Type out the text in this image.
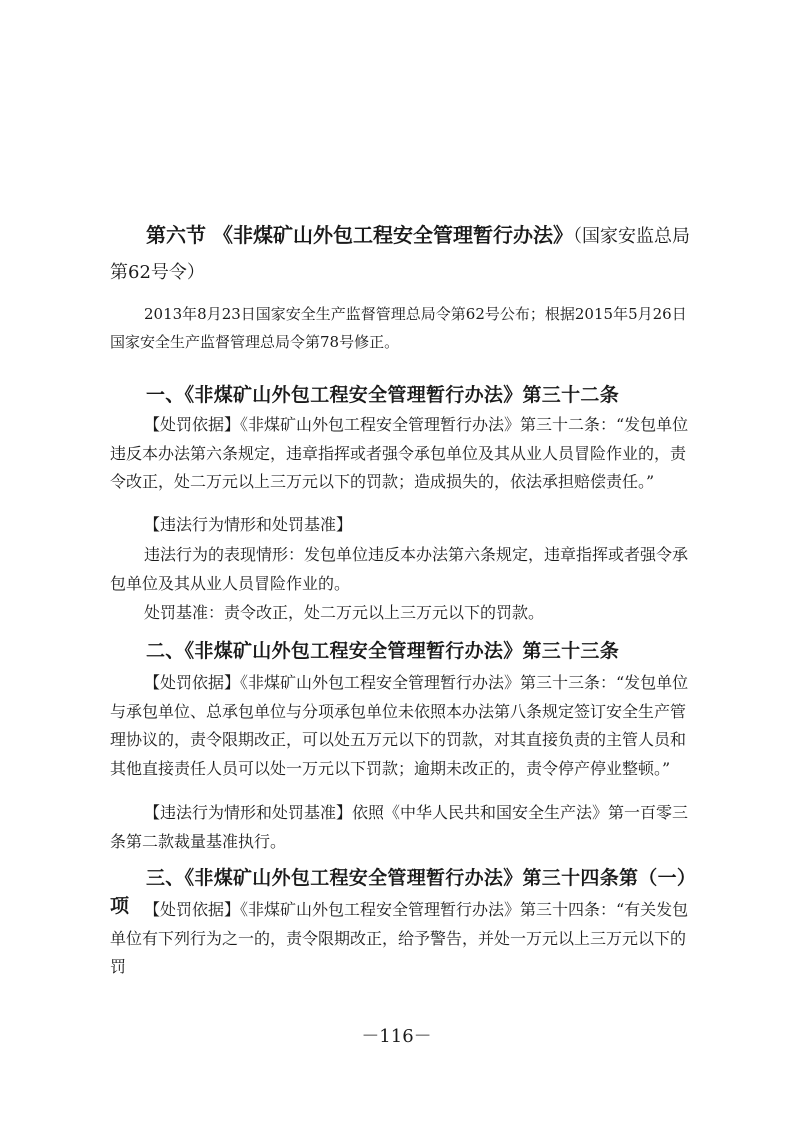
第六节 《非煤矿山外包工程安全管理暂行办法》（国家安监总局第62号令）

2013年8月23日国家安全生产监督管理总局令第62号公布；根据2015年5月26日国家安全生产监督管理总局令第78号修正。

一、《非煤矿山外包工程安全管理暂行办法》第三十二条

【处罚依据】《非煤矿山外包工程安全管理暂行办法》第三十二条：“发包单位违反本办法第六条规定，违章指挥或者强令承包单位及其从业人员冒险作业的，责令改正，处二万元以上三万元以下的罚款；造成损失的，依法承担赔偿责任。”

【违法行为情形和处罚基准】

违法行为的表现情形：发包单位违反本办法第六条规定，违章指挥或者强令承包单位及其从业人员冒险作业的。

处罚基准：责令改正，处二万元以上三万元以下的罚款。

二、《非煤矿山外包工程安全管理暂行办法》第三十三条

【处罚依据】《非煤矿山外包工程安全管理暂行办法》第三十三条：“发包单位与承包单位、总承包单位与分项承包单位未依照本办法第八条规定签订安全生产管理协议的，责令限期改正，可以处五万元以下的罚款，对其直接负责的主管人员和其他直接责任人员可以处一万元以下罚款；逾期未改正的，责令停产停业整顿。”

【违法行为情形和处罚基准】依照《中华人民共和国安全生产法》第一百零三条第二款裁量基准执行。

三、《非煤矿山外包工程安全管理暂行办法》第三十四条第（一）项 【处罚依据】《非煤矿山外包工程安全管理暂行办法》第三十四条：“有关发包单位有下列行为之一的，责令限期改正，给予警告，并处一万元以上三万元以下的罚

－116－
